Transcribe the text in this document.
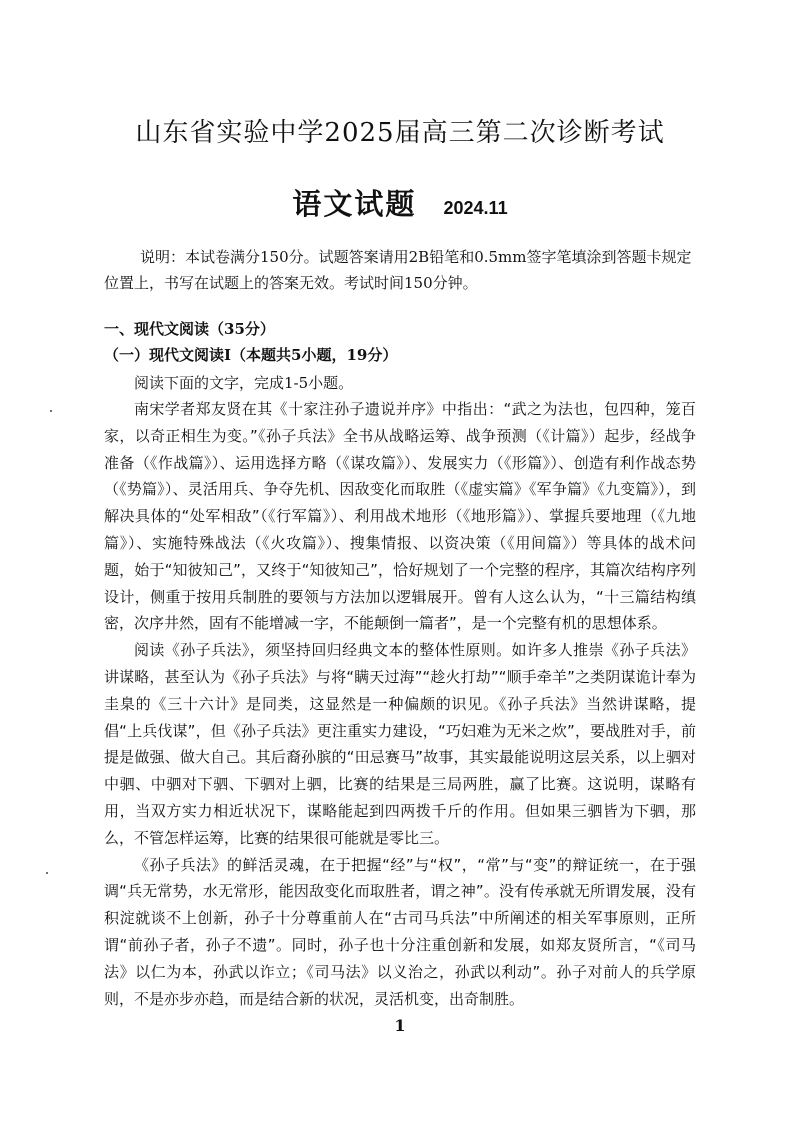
山东省实验中学2025届高三第二次诊断考试
语文试题 2024.11
说明：本试卷满分150分。试题答案请用2B铅笔和0.5mm签字笔填涂到答题卡规定位置上，书写在试题上的答案无效。考试时间150分钟。
一、现代文阅读（35分）
（一）现代文阅读Ⅰ（本题共5小题，19分）
阅读下面的文字，完成1-5小题。

南宋学者郑友贤在其《十家注孙子遗说并序》中指出：“武之为法也，包四种，笼百家，以奇正相生为变。”《孙子兵法》全书从战略运筹、战争预测（《计篇》）起步，经战争准备（《作战篇》）、运用选择方略（《谋攻篇》）、发展实力（《形篇》）、创造有利作战态势（《势篇》）、灵活用兵、争夺先机、因敌变化而取胜（《虚实篇》《军争篇》《九变篇》），到解决具体的“处军相敌”（《行军篇》）、利用战术地形（《地形篇》）、掌握兵要地理（《九地篇》）、实施特殊战法（《火攻篇》）、搜集情报、以资决策（《用间篇》）等具体的战术问题，始于“知彼知己”，又终于“知彼知己”，恰好规划了一个完整的程序，其篇次结构序列设计，侧重于按用兵制胜的要领与方法加以逻辑展开。曾有人这么认为，“十三篇结构缜密，次序井然，固有不能增减一字，不能颠倒一篇者”，是一个完整有机的思想体系。

阅读《孙子兵法》，须坚持回归经典文本的整体性原则。如许多人推崇《孙子兵法》讲谋略，甚至认为《孙子兵法》与将“瞒天过海”“趁火打劫”“顺手牵羊”之类阴谋诡计奉为圭臬的《三十六计》是同类，这显然是一种偏颇的识见。《孙子兵法》当然讲谋略，提倡“上兵伐谋”，但《孙子兵法》更注重实力建设，“巧妇难为无米之炊”，要战胜对手，前提是做强、做大自己。其后裔孙膑的“田忌赛马”故事，其实最能说明这层关系，以上驷对中驷、中驷对下驷、下驷对上驷，比赛的结果是三局两胜，赢了比赛。这说明，谋略有用，当双方实力相近状况下，谋略能起到四两拨千斤的作用。但如果三驷皆为下驷，那么，不管怎样运筹，比赛的结果很可能就是零比三。

《孙子兵法》的鲜活灵魂，在于把握“经”与“权”，“常”与“变”的辩证统一，在于强调“兵无常势，水无常形，能因敌变化而取胜者，谓之神”。没有传承就无所谓发展，没有积淀就谈不上创新，孙子十分尊重前人在“古司马兵法”中所阐述的相关军事原则，正所谓“前孙子者，孙子不遗”。同时，孙子也十分注重创新和发展，如郑友贤所言，“《司马法》以仁为本，孙武以诈立；《司马法》以义治之，孙武以利动”。孙子对前人的兵学原则，不是亦步亦趋，而是结合新的状况，灵活机变，出奇制胜。

1
